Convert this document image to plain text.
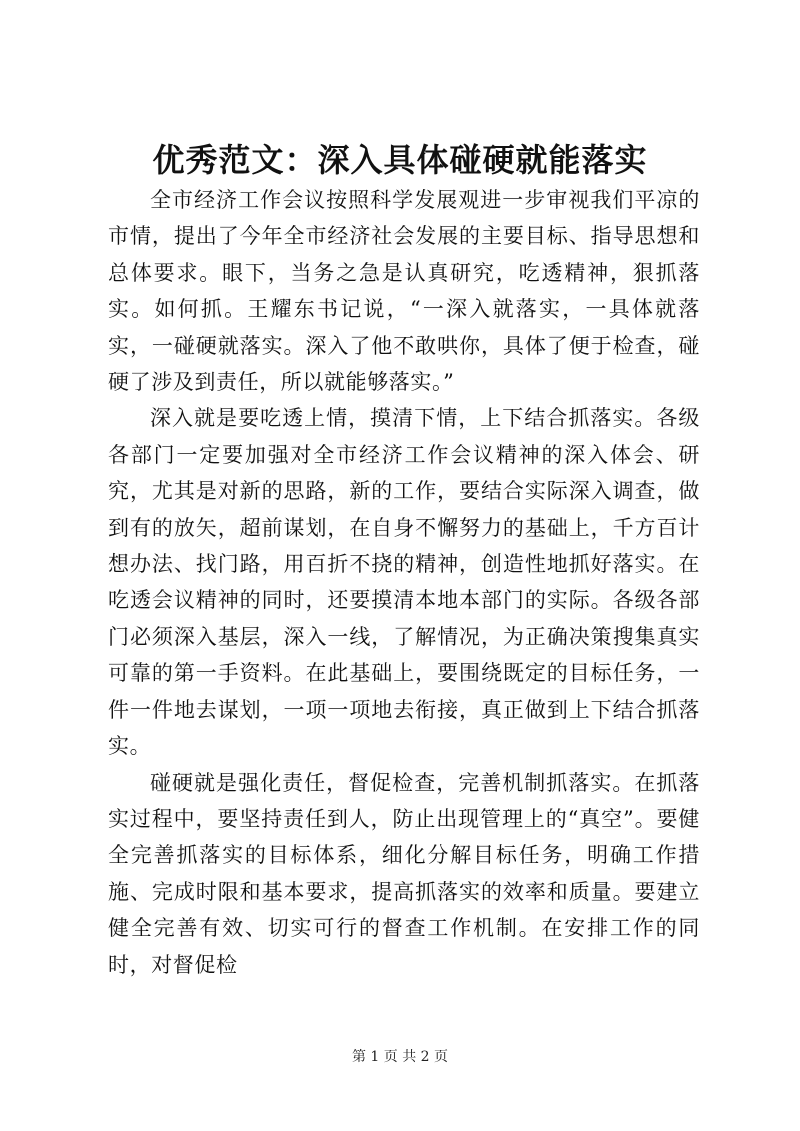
优秀范文：深入具体碰硬就能落实

全市经济工作会议按照科学发展观进一步审视我们平凉的市情，提出了今年全市经济社会发展的主要目标、指导思想和总体要求。眼下，当务之急是认真研究，吃透精神，狠抓落实。如何抓。王耀东书记说，“一深入就落实，一具体就落实，一碰硬就落实。深入了他不敢哄你，具体了便于检查，碰硬了涉及到责任，所以就能够落实。”

深入就是要吃透上情，摸清下情，上下结合抓落实。各级各部门一定要加强对全市经济工作会议精神的深入体会、研究，尤其是对新的思路，新的工作，要结合实际深入调查，做到有的放矢，超前谋划，在自身不懈努力的基础上，千方百计想办法、找门路，用百折不挠的精神，创造性地抓好落实。在吃透会议精神的同时，还要摸清本地本部门的实际。各级各部门必须深入基层，深入一线，了解情况，为正确决策搜集真实可靠的第一手资料。在此基础上，要围绕既定的目标任务，一件一件地去谋划，一项一项地去衔接，真正做到上下结合抓落实。

碰硬就是强化责任，督促检查，完善机制抓落实。在抓落实过程中，要坚持责任到人，防止出现管理上的“真空”。要健全完善抓落实的目标体系，细化分解目标任务，明确工作措施、完成时限和基本要求，提高抓落实的效率和质量。要建立健全完善有效、切实可行的督查工作机制。在安排工作的同时，对督促检

第 1 页 共 2 页
